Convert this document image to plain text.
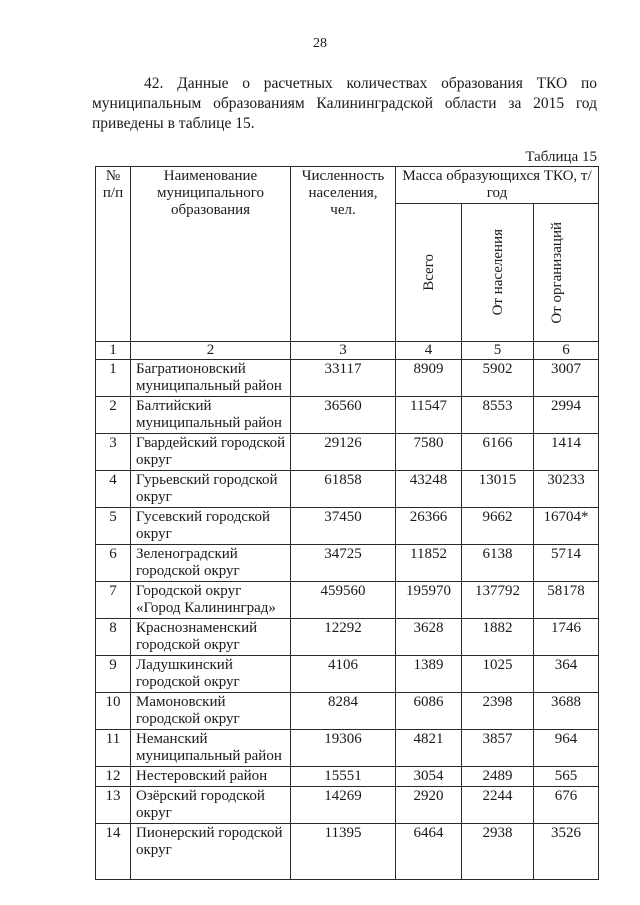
28

42. Данные о расчетных количествах образования ТКО по муниципальным образованиям Калининградской области за 2015 год приведены в таблице 15.

Таблица 15
№ п/п	Наименование муниципального образования	Численность населения, чел.	Масса образующихся ТКО, т/год		

			Всего	От населения	От организаций

1	2	3	4	5	6
1	Багратионовский муниципальный район	33117	8909	5902	3007
2	Балтийский муниципальный район	36560	11547	8553	2994
3	Гвардейский городской округ	29126	7580	6166	1414
4	Гурьевский городской округ	61858	43248	13015	30233
5	Гусевский городской округ	37450	26366	9662	16704*
6	Зеленоградский городской округ	34725	11852	6138	5714
7	Городской округ «Город Калининград»	459560	195970	137792	58178
8	Краснознаменский городской округ	12292	3628	1882	1746
9	Ладушкинский городской округ	4106	1389	1025	364
10	Мамоновский городской округ	8284	6086	2398	3688
11	Неманский муниципальный район	19306	4821	3857	964
12	Нестеровский район	15551	3054	2489	565
13	Озёрский городской округ	14269	2920	2244	676
14	Пионерский городской округ	11395	6464	2938	3526
